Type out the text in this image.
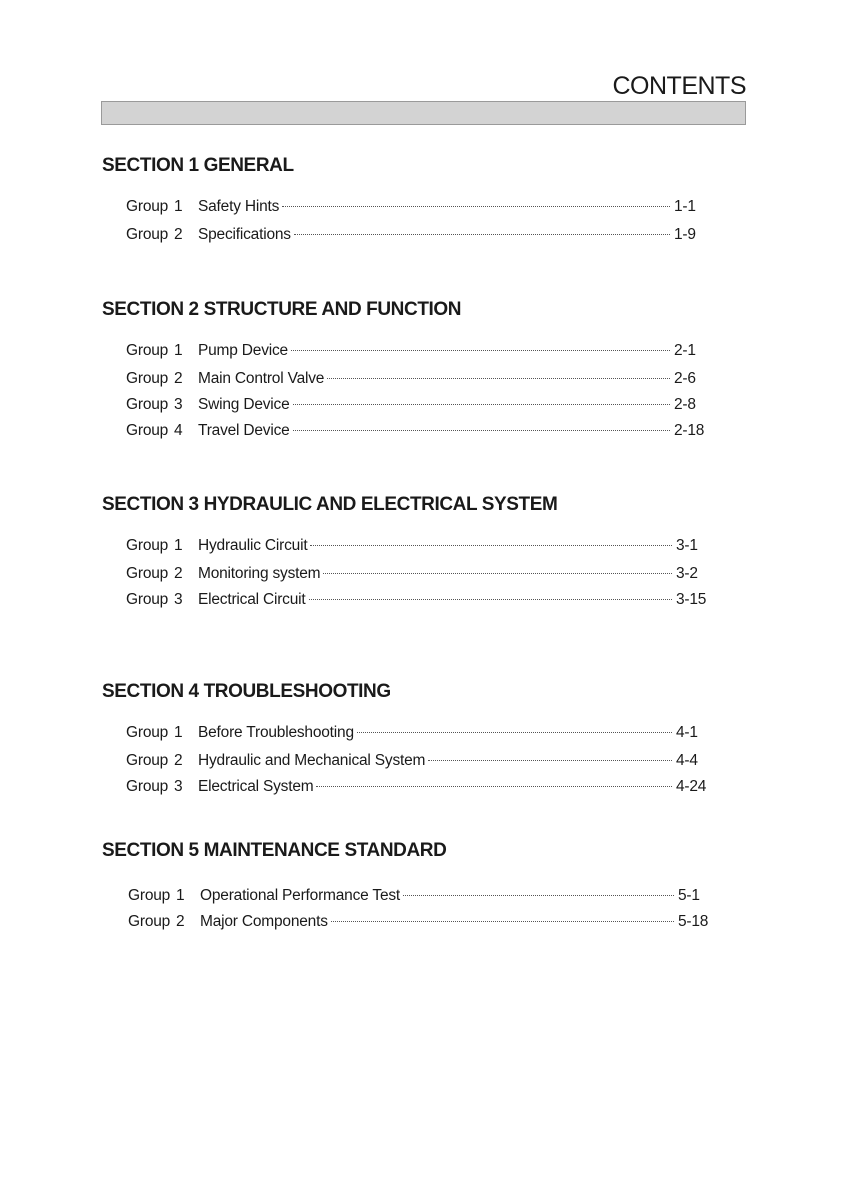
CONTENTS
SECTION 1 GENERAL
Group 1	Safety Hints	1-1
Group 2	Specifications	1-9
SECTION 2 STRUCTURE AND FUNCTION
Group 1	Pump Device	2-1
Group 2	Main Control Valve	2-6
Group 3	Swing Device	2-8
Group 4	Travel Device	2-18
SECTION 3 HYDRAULIC AND ELECTRICAL SYSTEM
Group 1	Hydraulic Circuit	3-1
Group 2	Monitoring system	3-2
Group 3	Electrical Circuit	3-15
SECTION 4 TROUBLESHOOTING
Group 1	Before Troubleshooting	4-1
Group 2	Hydraulic and Mechanical System	4-4
Group 3	Electrical System	4-24
SECTION 5 MAINTENANCE STANDARD
Group 1	Operational Performance Test	5-1
Group 2	Major Components	5-18
